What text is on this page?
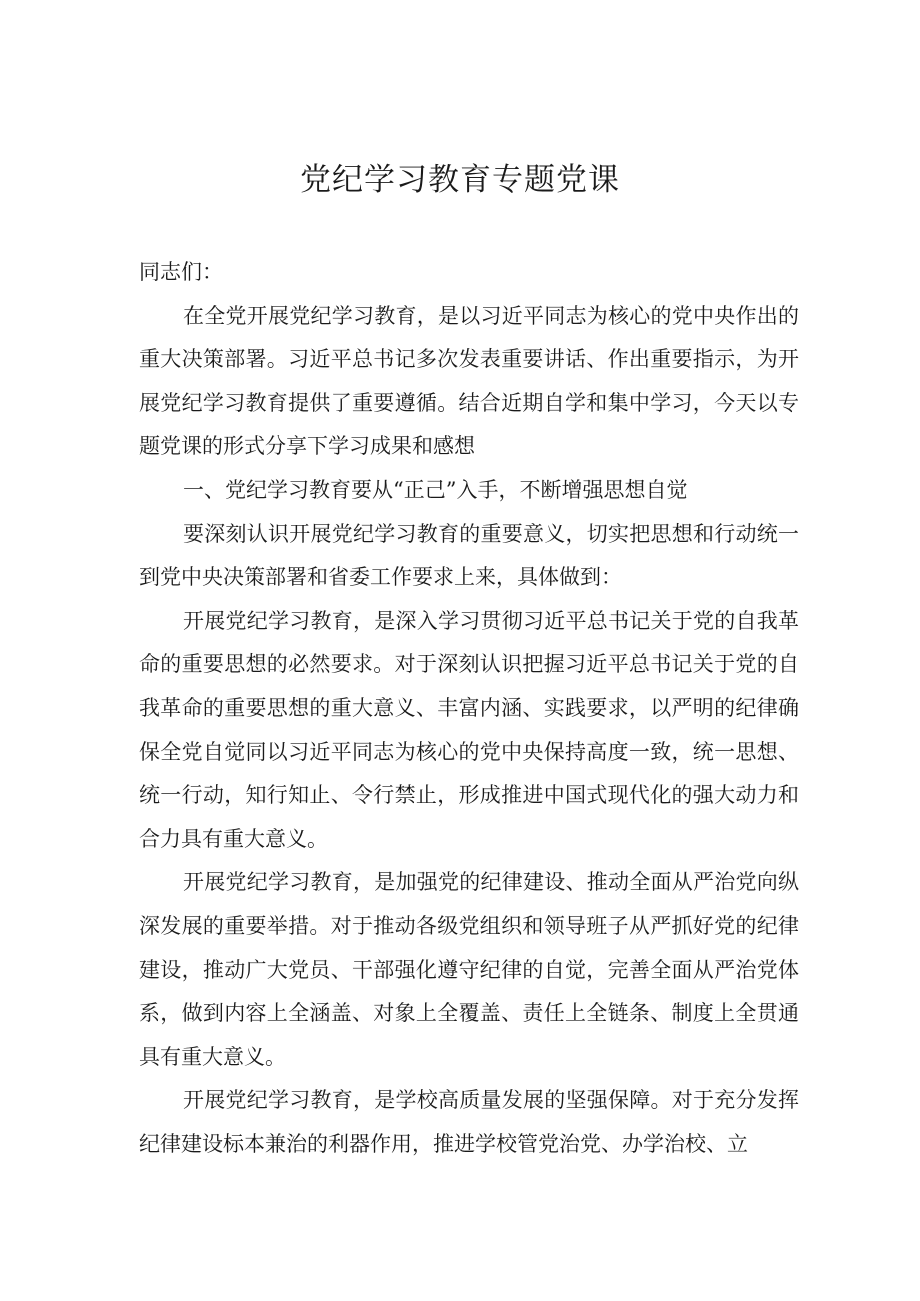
党纪学习教育专题党课

同志们：

在全党开展党纪学习教育，是以习近平同志为核心的党中央作出的重大决策部署。习近平总书记多次发表重要讲话、作出重要指示，为开展党纪学习教育提供了重要遵循。结合近期自学和集中学习，今天以专题党课的形式分享下学习成果和感想

一、党纪学习教育要从“正己”入手，不断增强思想自觉

要深刻认识开展党纪学习教育的重要意义，切实把思想和行动统一到党中央决策部署和省委工作要求上来，具体做到：

开展党纪学习教育，是深入学习贯彻习近平总书记关于党的自我革命的重要思想的必然要求。对于深刻认识把握习近平总书记关于党的自我革命的重要思想的重大意义、丰富内涵、实践要求，以严明的纪律确保全党自觉同以习近平同志为核心的党中央保持高度一致，统一思想、统一行动，知行知止、令行禁止，形成推进中国式现代化的强大动力和合力具有重大意义。

开展党纪学习教育，是加强党的纪律建设、推动全面从严治党向纵深发展的重要举措。对于推动各级党组织和领导班子从严抓好党的纪律建设，推动广大党员、干部强化遵守纪律的自觉，完善全面从严治党体系，做到内容上全涵盖、对象上全覆盖、责任上全链条、制度上全贯通具有重大意义。

开展党纪学习教育，是学校高质量发展的坚强保障。对于充分发挥纪律建设标本兼治的利器作用，推进学校管党治党、办学治校、立
